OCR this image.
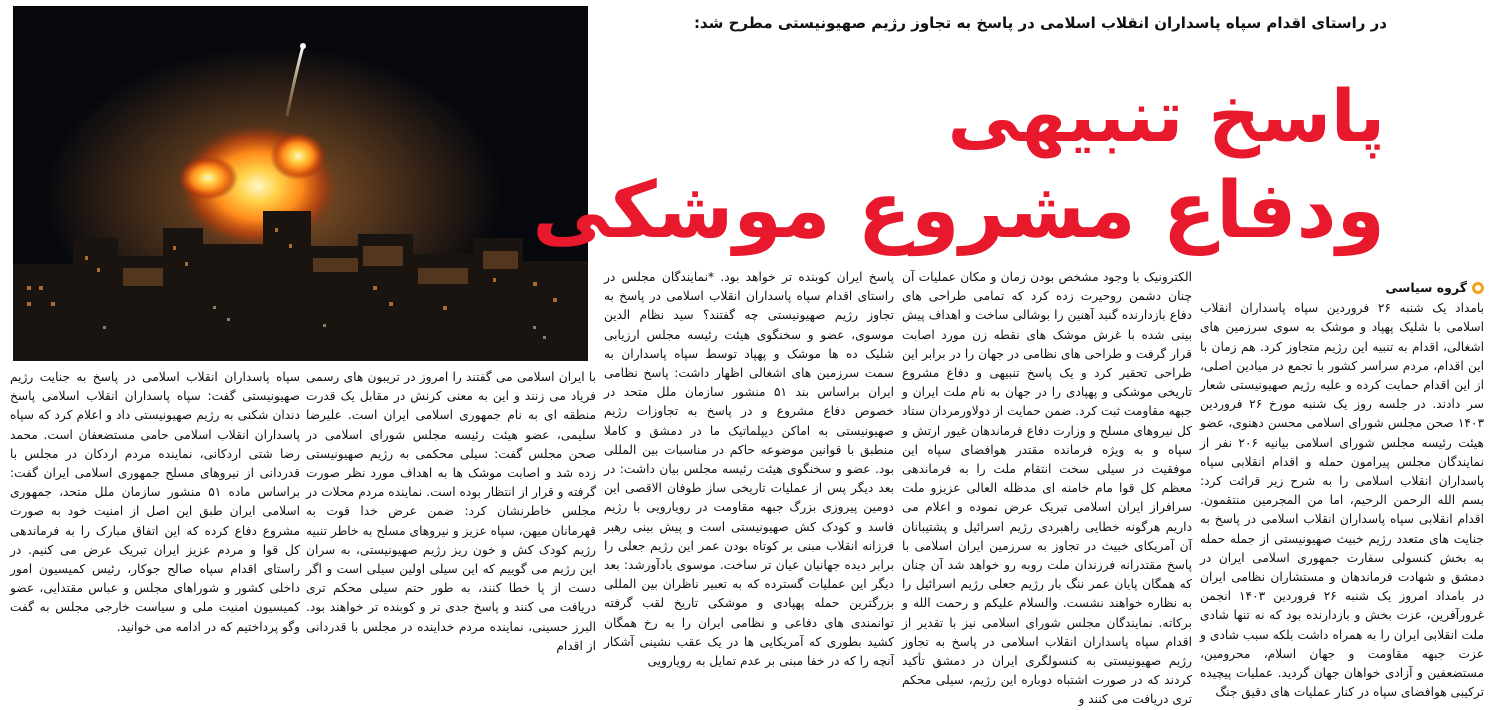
در راستای اقدام سپاه پاسداران انقلاب اسلامی در پاسخ به تجاوز رژیم صهیونیستی مطرح شد:
پاسخ تنبیهی
ودفاع مشروع موشکی
گروه سیاسی

بامداد یک شنبه ۲۶ فروردین سپاه پاسداران انقلاب اسلامی با شلیک پهپاد و موشک به سوی سرزمین های اشغالی، اقدام به تنبیه این رژیم متجاوز کرد. هم زمان با این اقدام، مردم سراسر کشور با تجمع در میادین اصلی، از این اقدام حمایت کرده و علیه رژیم صهیونیستی شعار سر دادند. در جلسه روز یک شنبه مورخ ۲۶ فروردین ۱۴۰۳ صحن مجلس شورای اسلامی محسن دهنوی، عضو هیئت رئیسه مجلس شورای اسلامی بیانیه ۲۰۶ نفر از نمایندگان مجلس پیرامون حمله و اقدام انقلابی سپاه پاسداران انقلاب اسلامی را به شرح زیر قرائت کرد: بسم الله الرحمن الرحیم، اما من المجرمین منتقمون. اقدام انقلابی سپاه پاسداران انقلاب اسلامی در پاسخ به جنایت های متعدد رژیم خبیث صهیونیستی از جمله حمله به بخش کنسولی سفارت جمهوری اسلامی ایران در دمشق و شهادت فرماندهان و مستشاران نظامی ایران در بامداد امروز یک شنبه ۲۶ فروردین ۱۴۰۳ انجمن غرورآفرین، عزت بخش و بازدارنده بود که نه تنها شادی ملت انقلابی ایران را به همراه داشت بلکه سبب شادی و عزت جبهه مقاومت و جهان اسلام، محرومین، مستضعفین و آزادی خواهان جهان گردید. عملیات پیچیده ترکیبی هوافضای سپاه در کنار عملیات های دقیق جنگ

الکترونیک با وجود مشخص بودن زمان و مکان عملیات آن چنان دشمن روحیرت زده کرد که تمامی طراحی های دفاع بازدارنده گنبد آهنین را بوشالی ساخت و اهداف پیش بینی شده با غرش موشک های نقطه زن مورد اصابت قرار گرفت و طراحی های نظامی در جهان را در برابر این طراحی تحقیر کرد و یک پاسخ تنبیهی و دفاع مشروع تاریخی موشکی و پهپادی را در جهان به نام ملت ایران و جبهه مقاومت ثبت کرد. ضمن حمایت از دولاورمردان ستاد کل نیروهای مسلح و وزارت دفاع فرماندهان غیور ارتش و سپاه و به ویژه فرمانده مقتدر هوافضای سپاه این موفقیت در سیلی سخت انتقام ملت را به فرماندهی معظم کل قوا مام خامنه ای مدظله العالی عزیزو ملت سرافراز ایران اسلامی تبریک عرض نموده و اعلام می داریم هرگونه خطایی راهبردی رژیم اسرائیل و پشتیبانان آن آمریکای خبیث در تجاوز به سرزمین ایران اسلامی با پاسخ مقتدرانه فرزندان ملت روبه رو خواهد شد آن چنان که همگان پایان عمر ننگ بار رژیم جعلی رژیم اسرائیل را به نظاره خواهند نشست. والسلام علیکم و رحمت الله و برکاته. نمایندگان مجلس شورای اسلامی نیز با تقدیر از اقدام سپاه پاسداران انقلاب اسلامی در پاسخ به تجاوز رژیم صهیونیستی به کنسولگری ایران در دمشق تأکید کردند که در صورت اشتباه دوباره این رژیم، سیلی محکم تری دریافت می کنند و

پاسخ ایران کوبنده تر خواهد بود. *نمایندگان مجلس در راستای اقدام سپاه پاسداران انقلاب اسلامی در پاسخ به تجاوز رژیم صهیونیستی چه گفتند؟ سید نظام الدین موسوی، عضو و سخنگوی هیئت رئیسه مجلس ارزیابی شلیک ده ها موشک و پهپاد توسط سپاه پاسداران به سمت سرزمین های اشغالی اظهار داشت: پاسخ نظامی ایران براساس بند ۵۱ منشور سازمان ملل متحد در خصوص دفاع مشروع و در پاسخ به تجاوزات رژیم صهیونیستی به اماکن دیپلماتیک ما در دمشق و کاملا منطبق با قوانین موضوعه حاکم در مناسبات بین المللی بود. عضو و سخنگوی هیئت رئیسه مجلس بیان داشت: در بعد دیگر پس از عملیات تاریخی ساز طوفان الاقصی این دومین پیروزی بزرگ جبهه مقاومت در رویارویی با رژیم فاسد و کودک کش صهیونیستی است و پیش بینی رهبر فرزانه انقلاب مبنی بر کوتاه بودن عمر این رژیم جعلی را برابر دیده جهانیان عیان تر ساخت. موسوی یادآورشد: بعد دیگر این عملیات گسترده که به تعبیر ناظران بین المللی بزرگترین حمله پهپادی و موشکی تاریخ لقب گرفته توانمندی های دفاعی و نظامی ایران را به رخ همگان کشید بطوری که آمریکایی ها در یک عقب نشینی آشکار آنچه را که در خفا مبنی بر عدم تمایل به رویارویی

با ایران اسلامی می گفتند را امروز در تریبون های رسمی فریاد می زنند و این به معنی کرنش در مقابل یک قدرت منطقه ای به نام جمهوری اسلامی ایران است. علیرضا سلیمی، عضو هیئت رئیسه مجلس شورای اسلامی در صحن مجلس گفت: سیلی محکمی به رژیم صهیونیستی زده شد و اصابت موشک ها به اهداف مورد نظر صورت گرفته و قرار از انتظار بوده است. نماینده مردم محلات در مجلس خاطرنشان کرد: ضمن عرض خدا قوت به قهرمانان میهن، سپاه عزیز و نیروهای مسلح به خاطر تنبیه رژیم کودک کش و خون ریز رژیم صهیونیستی، به سران این رژیم می گوییم که این سیلی اولین سیلی است و اگر دست از پا خطا کنند، به طور حتم سیلی محکم تری دریافت می کنند و پاسخ جدی تر و کوبنده تر خواهند بود. البرز حسینی، نماینده مردم خداینده در مجلس با قدردانی از اقدام

سپاه پاسداران انقلاب اسلامی در پاسخ به جنایت رژیم صهیونیستی گفت: سپاه پاسداران انقلاب اسلامی پاسخ دندان شکنی به رژیم صهیونیستی داد و اعلام کرد که سپاه پاسداران انقلاب اسلامی حامی مستضعفان است. محمد رضا شتی اردکانی، نماینده مردم اردکان در مجلس با قدردانی از نیروهای مسلح جمهوری اسلامی ایران گفت: براساس ماده ۵۱ منشور سازمان ملل متحد، جمهوری اسلامی ایران طبق این اصل از امنیت خود به صورت مشروع دفاع کرده که این اتفاق مبارک را به فرماندهی کل قوا و مردم عزیز ایران تبریک عرض می کنیم. در راستای اقدام سپاه صالح جوکار، رئیس کمیسیون امور داخلی کشور و شوراهای مجلس و عباس مقتدایی، عضو کمیسیون امنیت ملی و سیاست خارجی مجلس به گفت وگو پرداختیم که در ادامه می خوانید.
